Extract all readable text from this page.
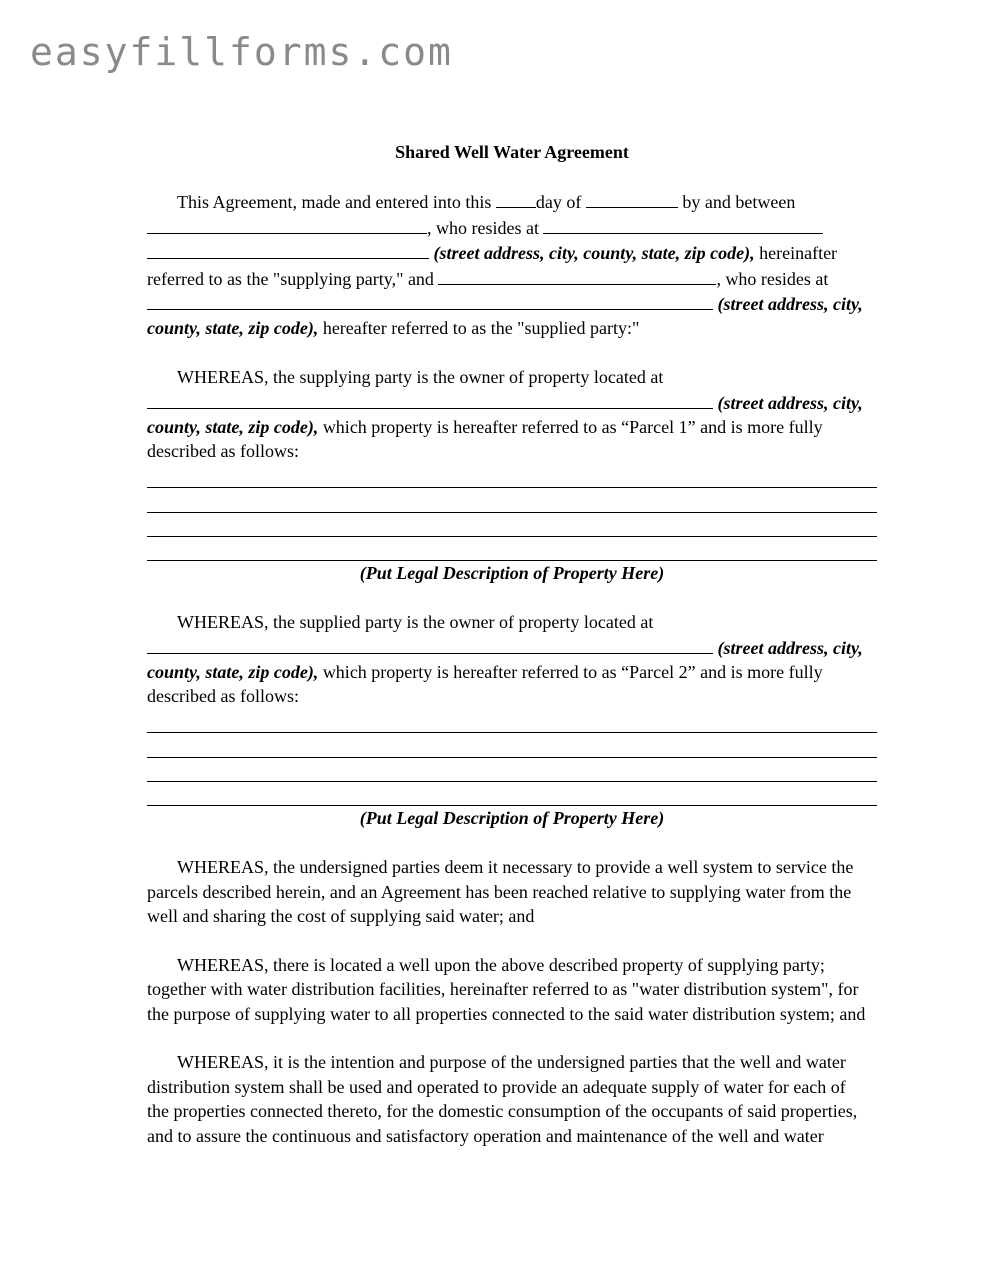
easyfillforms.com
Shared Well Water Agreement
This Agreement, made and entered into this day of	by and between
, who resides at
(street address, city, county, state, zip code), hereinafter
referred to as the "supplying party," and	, who resides at
(street address, city,
county, state, zip code), hereafter referred to as the "supplied party:"
WHEREAS, the supplying party is the owner of property located at
(street address, city,
county, state, zip code), which property is hereafter referred to as “Parcel 1” and is more fully
described as follows:
(Put Legal Description of Property Here)
WHEREAS, the supplied party is the owner of property located at
(street address, city,
county, state, zip code), which property is hereafter referred to as “Parcel 2” and is more fully
described as follows:
(Put Legal Description of Property Here)
WHEREAS, the undersigned parties deem it necessary to provide a well system to service the
parcels described herein, and an Agreement has been reached relative to supplying water from the
well and sharing the cost of supplying said water; and
WHEREAS, there is located a well upon the above described property of supplying party;
together with water distribution facilities, hereinafter referred to as "water distribution system", for
the purpose of supplying water to all properties connected to the said water distribution system; and
WHEREAS, it is the intention and purpose of the undersigned parties that the well and water
distribution system shall be used and operated to provide an adequate supply of water for each of
the properties connected thereto, for the domestic consumption of the occupants of said properties,
and to assure the continuous and satisfactory operation and maintenance of the well and water
